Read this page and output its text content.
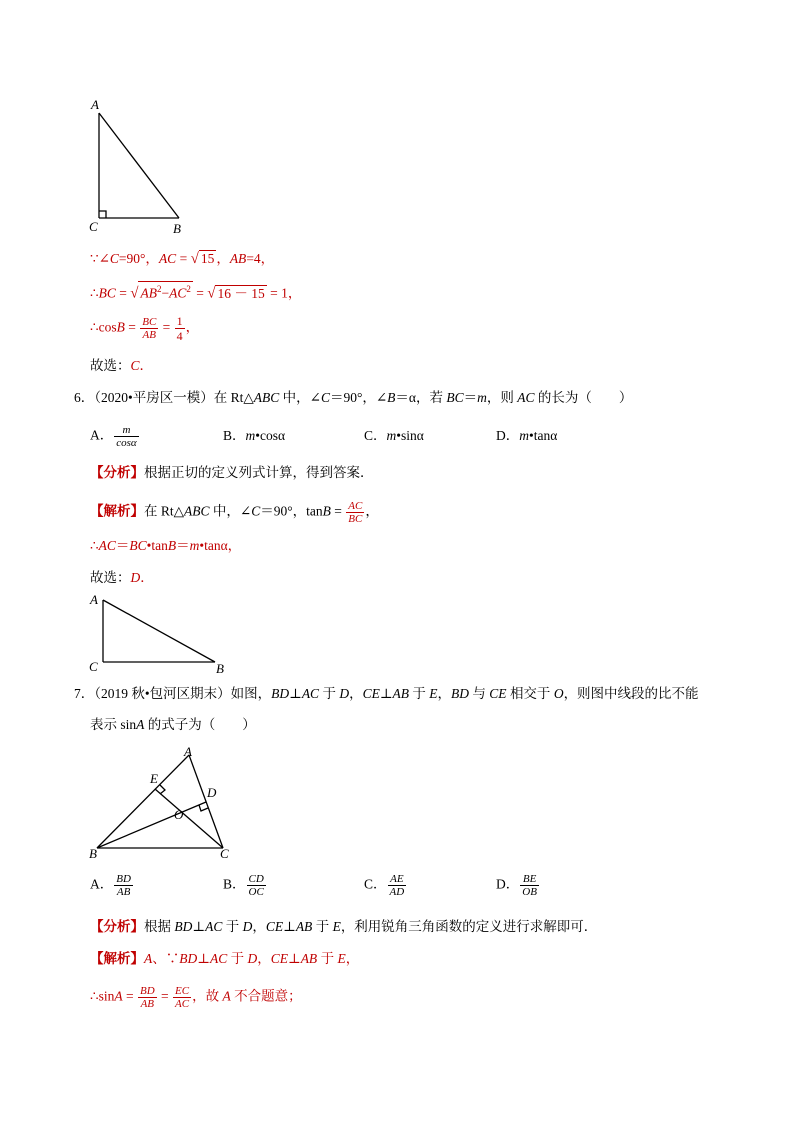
A
C	B
∵∠C=90°，AC = √ 15 ，AB=4，
∴BC = √ $AB^2-AC^2$ = √ 16 － 15 = 1，
∴cosB = $\frac{BC}{AB} = \frac{1}{4}$ ，
故选：C．
6．（2020•平房区一模）在 Rt△ABC 中，∠C＝90°，∠B＝α，若 BC＝m，则 AC 的长为（　　）
A． $\frac{m}{\cos\alpha}$	B．m•cosα	C．m•sinα	D．m•tanα
【分析】根据正切的定义列式计算，得到答案．
【解析】在 Rt△ABC 中，∠C＝90°，$\tan B = \frac{AC}{BC}$ ，
∴AC＝BC•tanB＝m•tanα，
故选：D．
A
C	B
7．（2019 秋•包河区期末）如图，BD⊥AC 于 D，CE⊥AB 于 E，BD 与 CE 相交于 O，则图中线段的比不能
表示 sinA 的式子为（　　）
A
E
D
O
B	C
A． $\frac{BD}{AB}$	B． $\frac{CD}{OC}$	C． $\frac{AE}{AD}$	D． $\frac{BE}{OB}$
【分析】根据 BD⊥AC 于 D，CE⊥AB 于 E，利用锐角三角函数的定义进行求解即可．
【解析】A、∵BD⊥AC 于 D，CE⊥AB 于 E，
∴sinA = $\frac{BD}{AB} = \frac{EC}{AC}$ ，故 A 不合题意；
